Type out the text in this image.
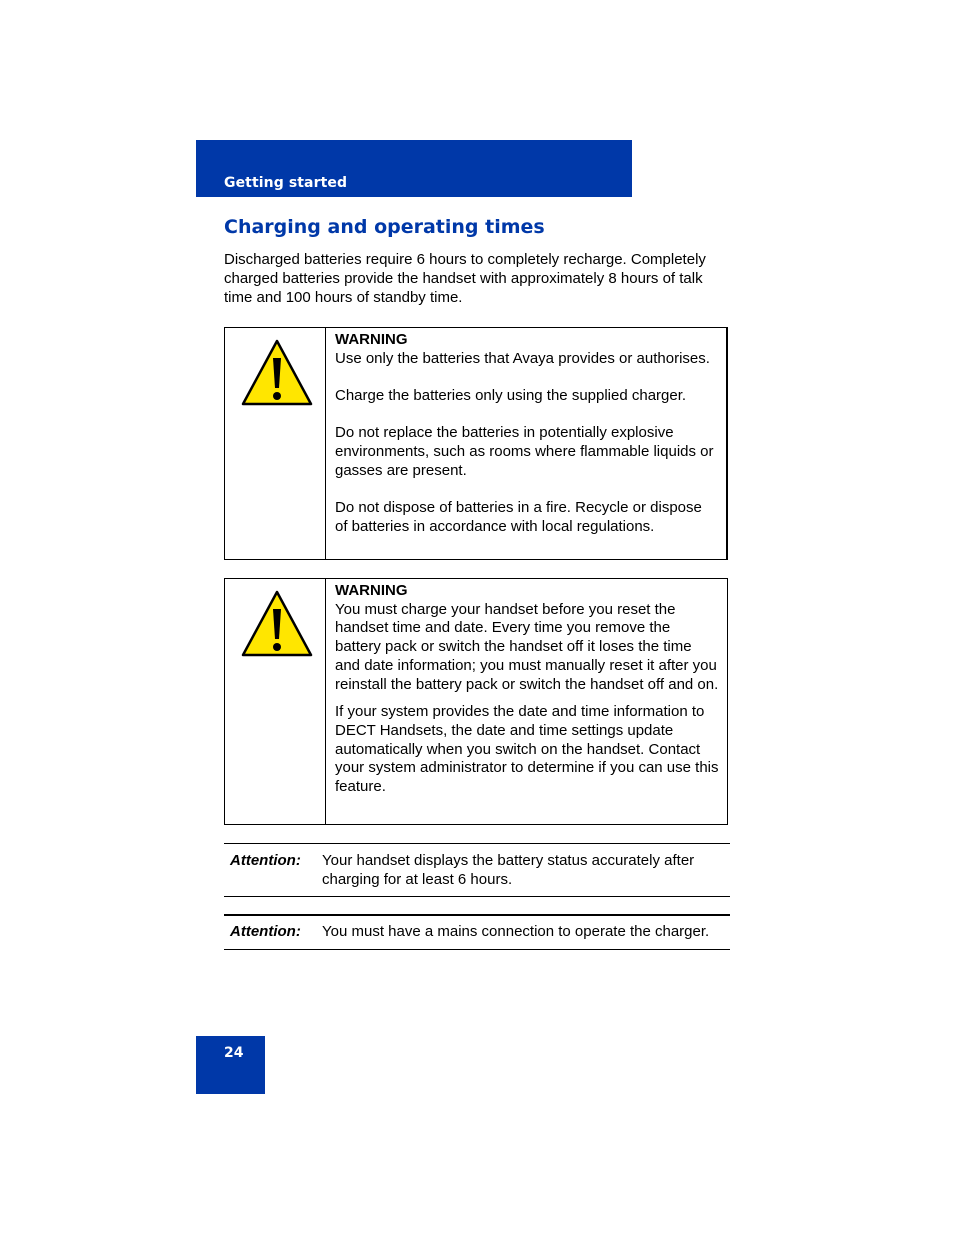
Getting started
Charging and operating times

Discharged batteries require 6 hours to completely recharge. Completely charged batteries provide the handset with approximately 8 hours of talk time and 100 hours of standby time.

WARNING

Use only the batteries that Avaya provides or authorises.

Charge the batteries only using the supplied charger.

Do not replace the batteries in potentially explosive environments, such as rooms where flammable liquids or gasses are present.

Do not dispose of batteries in a fire. Recycle or dispose of batteries in accordance with local regulations.

WARNING

You must charge your handset before you reset the handset time and date. Every time you remove the battery pack or switch the handset off it loses the time and date information; you must manually reset it after you reinstall the battery pack or switch the handset off and on.

If your system provides the date and time information to DECT Handsets, the date and time settings update automatically when you switch on the handset. Contact your system administrator to determine if you can use this feature.

Attention:	Your handset displays the battery status accurately after charging for at least 6 hours.
Attention:	You must have a mains connection to operate the charger.
24
